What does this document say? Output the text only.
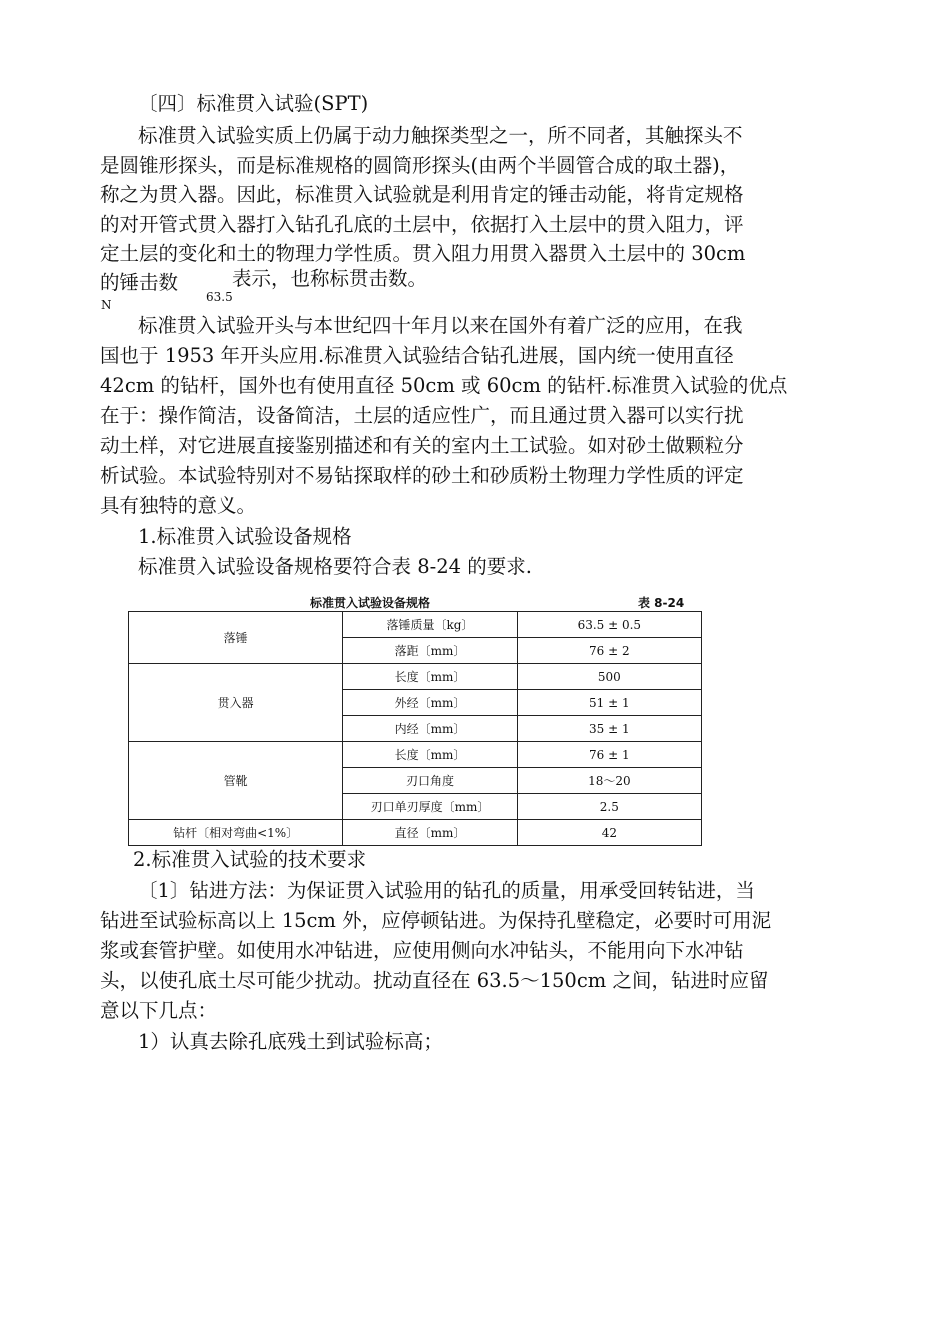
〔四〕标准贯入试验(SPT)
标准贯入试验实质上仍属于动力触探类型之一，所不同者，其触探头不
是圆锥形探头，而是标准规格的圆筒形探头(由两个半圆管合成的取土器)，
称之为贯入器。因此，标准贯入试验就是利用肯定的锤击动能，将肯定规格
的对开管式贯入器打入钻孔孔底的土层中，依据打入土层中的贯入阻力，评
定土层的变化和土的物理力学性质。贯入阻力用贯入器贯入土层中的 30cm
的锤击数	表示，也称标贯击数。
63.5
N
标准贯入试验开头与本世纪四十年月以来在国外有着广泛的应用，在我
国也于 1953 年开头应用.标准贯入试验结合钻孔进展，国内统一使用直径
42cm 的钻杆，国外也有使用直径 50cm 或 60cm 的钻杆.标准贯入试验的优点
在于：操作简洁，设备简洁，土层的适应性广，而且通过贯入器可以实行扰
动土样，对它进展直接鉴别描述和有关的室内土工试验。如对砂土做颗粒分
析试验。本试验特别对不易钻探取样的砂土和砂质粉土物理力学性质的评定
具有独特的意义。
1.标准贯入试验设备规格
标准贯入试验设备规格要符合表 8-24 的要求.
标准贯入试验设备规格	表 8-24
落锤	落锤质量〔kg〕	63.5 ± 0.5
	落距〔mm〕	76 ± 2
贯入器	长度〔mm〕	500
	外经〔mm〕	51 ± 1
	内经〔mm〕	35 ± 1
管靴	长度〔mm〕	76 ± 1
	刃口角度	18～20
	刃口单刃厚度〔mm〕	2.5
钻杆〔相对弯曲<1%〕	直径〔mm〕	42
2.标准贯入试验的技术要求
〔1〕钻进方法：为保证贯入试验用的钻孔的质量，用承受回转钻进，当
钻进至试验标高以上 15cm 外，应停顿钻进。为保持孔壁稳定，必要时可用泥
浆或套管护壁。如使用水冲钻进，应使用侧向水冲钻头，不能用向下水冲钻
头，以使孔底土尽可能少扰动。扰动直径在 63.5～150cm 之间，钻进时应留
意以下几点：
1）认真去除孔底残土到试验标高；
